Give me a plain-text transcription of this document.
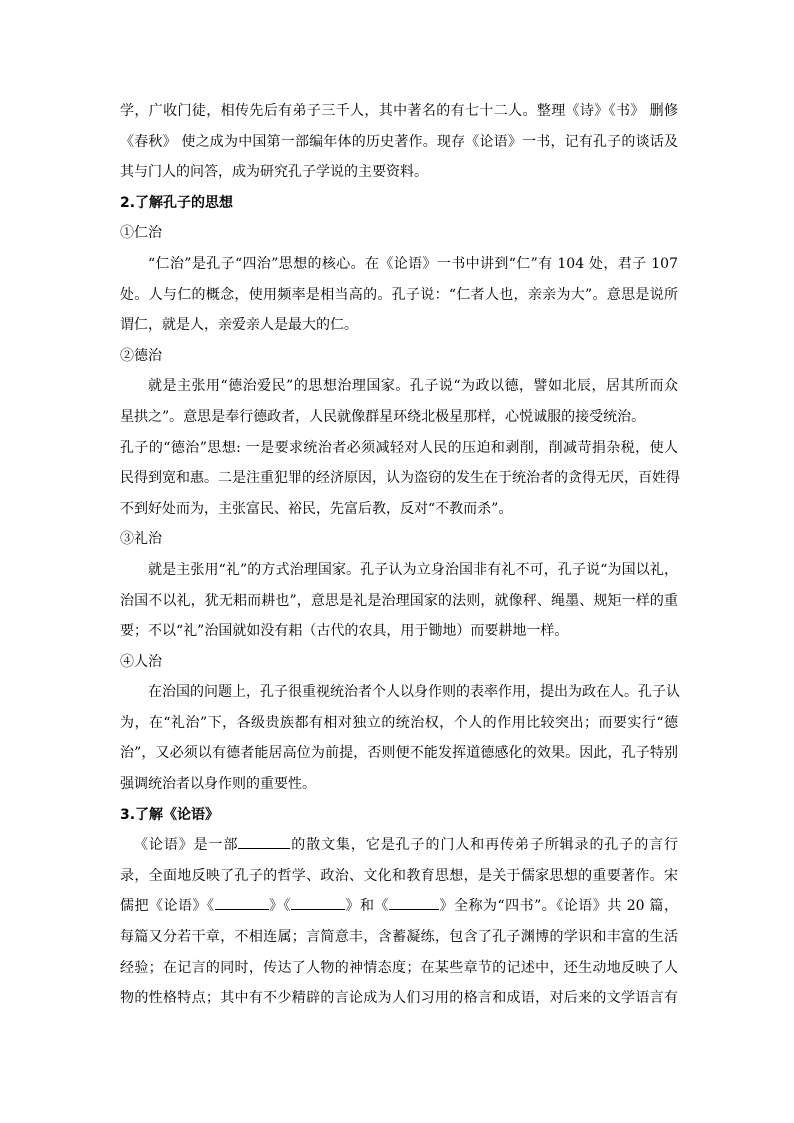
学，广收门徒，相传先后有弟子三千人，其中著名的有七十二人。整理《诗》《书》 删修
《春秋》 使之成为中国第一部编年体的历史著作。现存《论语》一书，记有孔子的谈话及
其与门人的问答，成为研究孔子学说的主要资料。
2.了解孔子的思想
①仁治
“仁治”是孔子“四治”思想的核心。在《论语》一书中讲到“仁”有 104 处，君子 107
处。人与仁的概念，使用频率是相当高的。孔子说：“仁者人也，亲亲为大”。意思是说所
谓仁，就是人，亲爱亲人是最大的仁。
②德治
就是主张用“德治爱民”的思想治理国家。孔子说“为政以德，譬如北辰，居其所而众
星拱之”。意思是奉行德政者，人民就像群星环绕北极星那样，心悦诚服的接受统治。
孔子的“德治”思想: 一是要求统治者必须减轻对人民的压迫和剥削，削减苛捐杂税，使人
民得到宽和惠。二是注重犯罪的经济原因，认为盗窃的发生在于统治者的贪得无厌，百姓得
不到好处而为，主张富民、裕民，先富后教，反对“不教而杀”。
③礼治
就是主张用“礼”的方式治理国家。孔子认为立身治国非有礼不可，孔子说“为国以礼，
治国不以礼，犹无耜而耕也”，意思是礼是治理国家的法则，就像秤、绳墨、规矩一样的重
要；不以“礼”治国就如没有耜（古代的农具，用于锄地）而要耕地一样。
④人治
在治国的问题上，孔子很重视统治者个人以身作则的表率作用，提出为政在人。孔子认
为，在“礼治”下，各级贵族都有相对独立的统治权，个人的作用比较突出；而要实行“德
治”，又必须以有德者能居高位为前提，否则便不能发挥道德感化的效果。因此，孔子特别
强调统治者以身作则的重要性。
3.了解《论语》
《论语》是一部	的散文集，它是孔子的门人和再传弟子所辑录的孔子的言行
录，全面地反映了孔子的哲学、政治、文化和教育思想，是关于儒家思想的重要著作。宋
儒把《论语》《	》《	》和《	》全称为“四书”。《论语》共 20 篇，
每篇又分若干章，不相连属；言简意丰，含蓄凝练，包含了孔子渊博的学识和丰富的生活
经验；在记言的同时，传达了人物的神情态度；在某些章节的记述中，还生动地反映了人
物的性格特点；其中有不少精辟的言论成为人们习用的格言和成语，对后来的文学语言有
